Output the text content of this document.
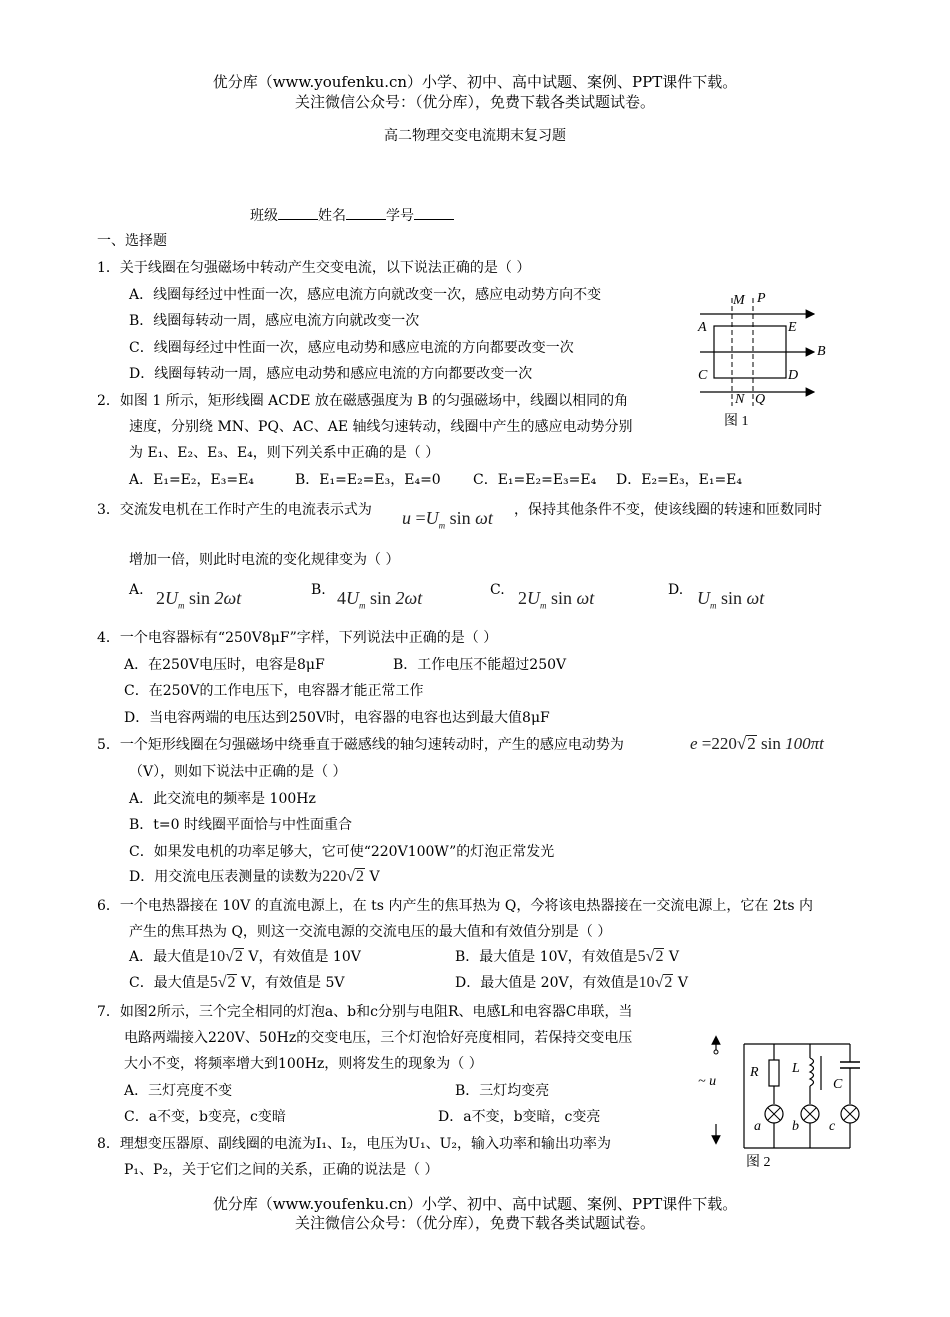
优分库（www.youfenku.cn）小学、初中、高中试题、案例、PPT课件下载。
关注微信公众号：（优分库），免费下载各类试题试卷。
高二物理交变电流期末复习题
班级	姓名	学号
一、选择题
1．关于线圈在匀强磁场中转动产生交变电流，以下说法正确的是（ ）
A．线圈每经过中性面一次，感应电流方向就改变一次，感应电动势方向不变
B．线圈每转动一周，感应电流方向就改变一次
C．线圈每经过中性面一次，感应电动势和感应电流的方向都要改变一次
D．线圈每转动一周，感应电动势和感应电流的方向都要改变一次
2．如图 1 所示，矩形线圈 ACDE 放在磁感强度为 B 的匀强磁场中，线圈以相同的角
速度，分别绕 MN、PQ、AC、AE 轴线匀速转动，线圈中产生的感应电动势分别
为 E₁、E₂、E₃、E₄，则下列关系中正确的是（ ）
A．E₁=E₂，E₃=E₄	B．E₁=E₂=E₃，E₄=0 C．E₁=E₂=E₃=E₄ D．E₂=E₃，E₁=E₄
M P
A	E
B
C	D
N Q
图 1
3．交流发电机在工作时产生的电流表示式为 $u =U_m$ sin ωt ，保持其他条件不变，使该线圈的转速和匝数同时
增加一倍，则此时电流的变化规律变为（ ）
A. $2U_m$ sin 2ωt	B. $4U_m$ sin 2ωt	C. $2U_m$ sin ωt	D. $U_m$ sin ωt
4．一个电容器标有“250V8μF”字样，下列说法中正确的是（ ）
A．在250V电压时，电容是8μF	B．工作电压不能超过250V
C．在250V的工作电压下，电容器才能正常工作
D．当电容两端的电压达到250V时，电容器的电容也达到最大值8μF
5．一个矩形线圈在匀强磁场中绕垂直于磁感线的轴匀速转动时，产生的感应电动势为	e =220√2 sin 100πt
（V），则如下说法中正确的是（ ）
A．此交流电的频率是 100Hz
B．t=0 时线圈平面恰与中性面重合
C．如果发电机的功率足够大，它可使“220V100W”的灯泡正常发光
D．用交流电压表测量的读数为220√2 V
6．一个电热器接在 10V 的直流电源上，在 ts 内产生的焦耳热为 Q，今将该电热器接在一交流电源上，它在 2ts 内
产生的焦耳热为 Q，则这一交流电源的交流电压的最大值和有效值分别是（ ）
A．最大值是10√2 V，有效值是 10V	B．最大值是 10V，有效值是5√2 V
C．最大值是5√2 V，有效值是 5V	D．最大值是 20V，有效值是10√2 V
7．如图2所示，三个完全相同的灯泡a、b和c分别与电阻R、电感L和电容器C串联，当
电路两端接入220V、50Hz的交变电压，三个灯泡恰好亮度相同，若保持交变电压
大小不变，将频率增大到100Hz，则将发生的现象为（ ）
A．三灯亮度不变	B．三灯均变亮
C．a不变，b变亮，c变暗	D．a不变，b变暗，c变亮
~ u
R
a
L
b
C
c
图 2
8．理想变压器原、副线圈的电流为I₁、I₂，电压为U₁、U₂，输入功率和输出功率为
P₁、P₂，关于它们之间的关系，正确的说法是（ ）
优分库（www.youfenku.cn）小学、初中、高中试题、案例、PPT课件下载。
关注微信公众号：（优分库），免费下载各类试题试卷。
